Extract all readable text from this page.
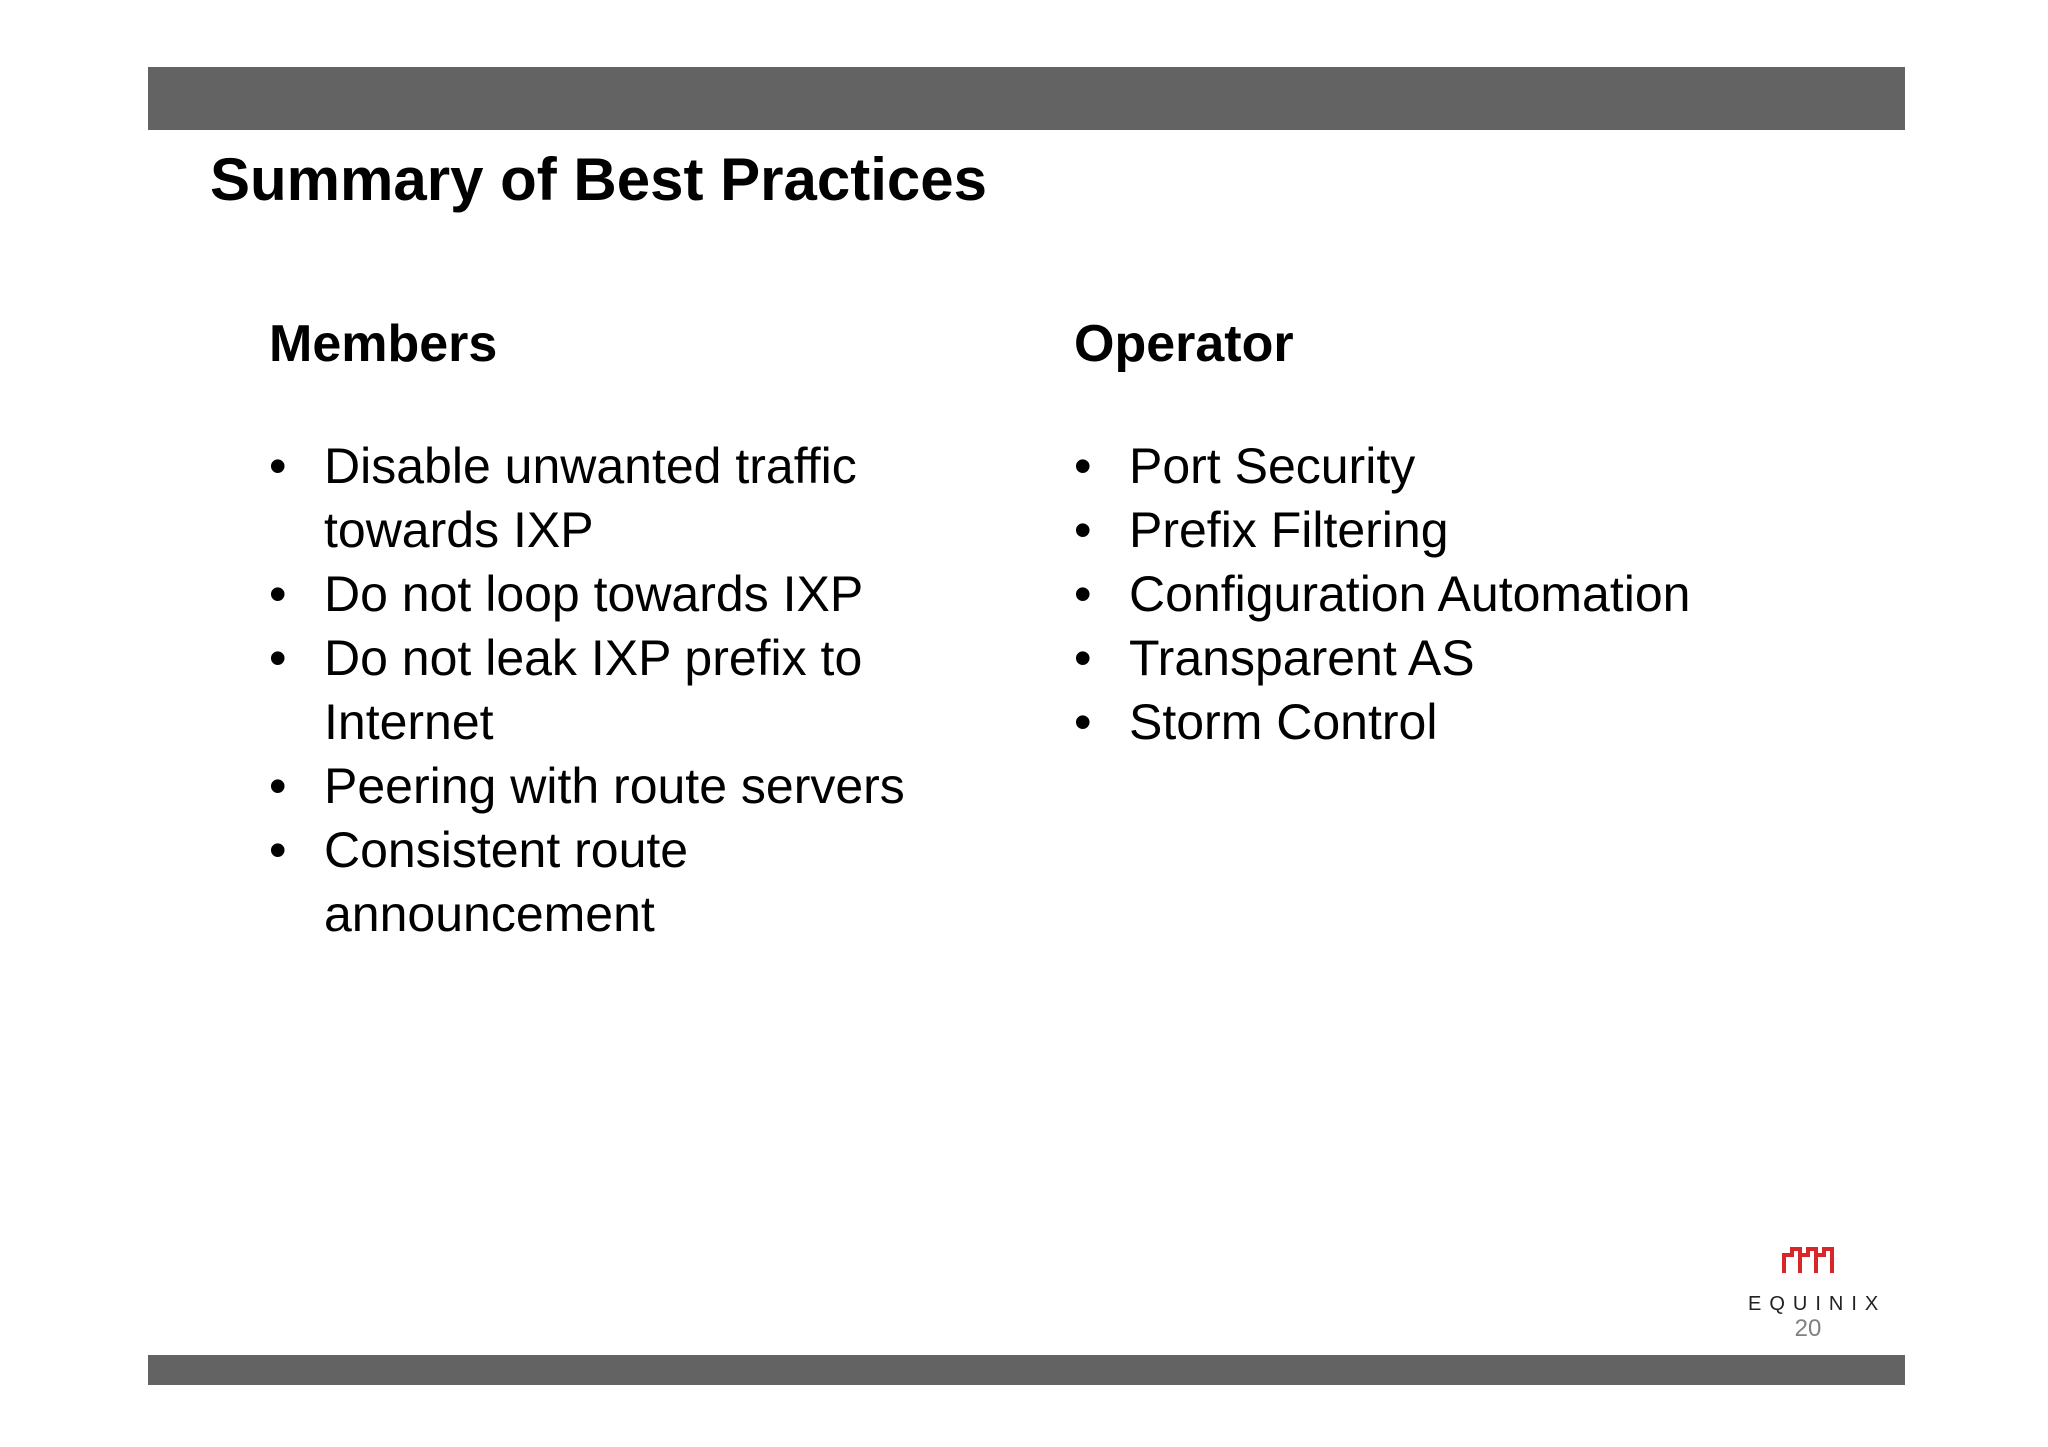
Summary of Best Practices
Members
• Disable unwanted traffic towards IXP
• Do not loop towards IXP
• Do not leak IXP prefix to Internet
• Peering with route servers
• Consistent route announcement
Operator
• Port Security
• Prefix Filtering
• Configuration Automation
• Transparent AS
• Storm Control
EQUINIX
20
